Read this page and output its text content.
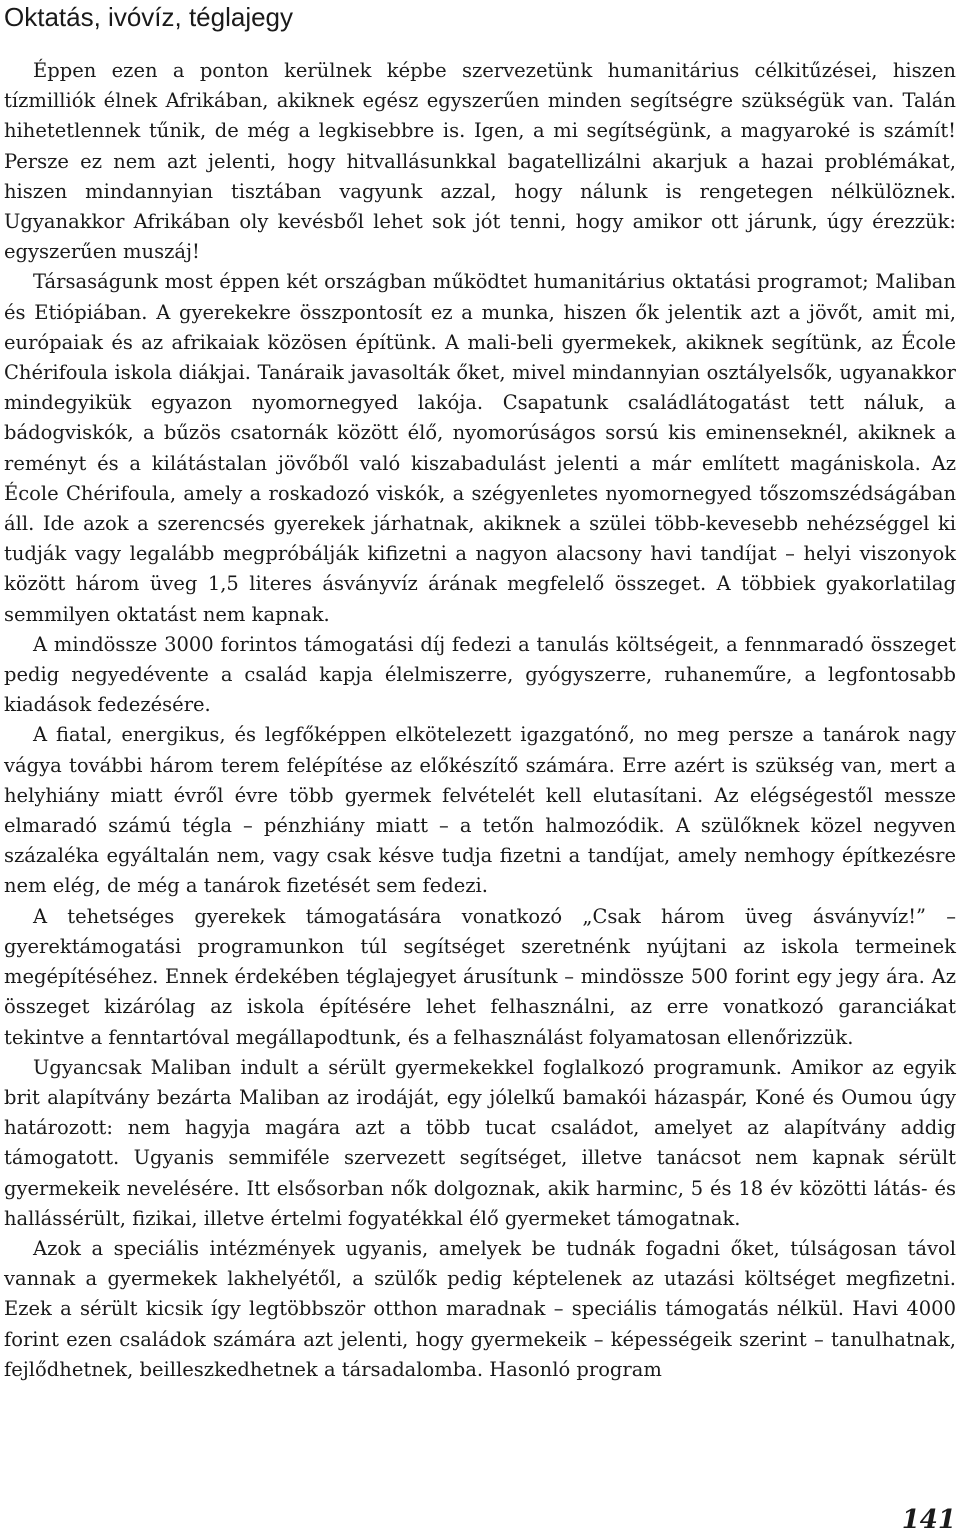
Oktatás, ivóvíz, téglajegy

Éppen ezen a ponton kerülnek képbe szervezetünk humanitárius célkitűzései, hiszen tízmilliók élnek Afrikában, akiknek egész egyszerűen minden segítségre szükségük van. Talán hihetetlennek tűnik, de még a legkisebbre is. Igen, a mi segítségünk, a magyaroké is számít! Persze ez nem azt jelenti, hogy hitvallásunkkal bagatellizálni akarjuk a hazai problémákat, hiszen mindannyian tisztában vagyunk azzal, hogy nálunk is rengetegen nélkülöznek. Ugyanakkor Afrikában oly kevésből lehet sok jót tenni, hogy amikor ott járunk, úgy érezzük: egyszerűen muszáj!

Társaságunk most éppen két országban működtet humanitárius oktatási programot; Maliban és Etiópiában. A gyerekekre összpontosít ez a munka, hiszen ők jelentik azt a jövőt, amit mi, európaiak és az afrikaiak közösen építünk. A mali-beli gyermekek, akiknek segítünk, az École Chérifoula iskola diákjai. Tanáraik javasolták őket, mivel mindannyian osztályelsők, ugyanakkor mindegyikük egyazon nyomornegyed lakója. Csapatunk családlátogatást tett náluk, a bádogviskók, a bűzös csatornák között élő, nyomorúságos sorsú kis eminenseknél, akiknek a reményt és a kilátástalan jövőből való kiszabadulást jelenti a már említett magániskola. Az École Chérifoula, amely a roskadozó viskók, a szégyenletes nyomornegyed tőszomszédságában áll. Ide azok a szerencsés gyerekek járhatnak, akiknek a szülei több-kevesebb nehézséggel ki tudják vagy legalább megpróbálják kifizetni a nagyon alacsony havi tandíjat – helyi viszonyok között három üveg 1,5 literes ásványvíz árának megfelelő összeget. A többiek gyakorlatilag semmilyen oktatást nem kapnak.

A mindössze 3000 forintos támogatási díj fedezi a tanulás költségeit, a fennmaradó összeget pedig negyedévente a család kapja élelmiszerre, gyógyszerre, ruhaneműre, a legfontosabb kiadások fedezésére.

A fiatal, energikus, és legfőképpen elkötelezett igazgatónő, no meg persze a tanárok nagy vágya további három terem felépítése az előkészítő számára. Erre azért is szükség van, mert a helyhiány miatt évről évre több gyermek felvételét kell elutasítani. Az elégségestől messze elmaradó számú tégla – pénzhiány miatt – a tetőn halmozódik. A szülőknek közel negyven százaléka egyáltalán nem, vagy csak késve tudja fizetni a tandíjat, amely nemhogy építkezésre nem elég, de még a tanárok fizetését sem fedezi.

A tehetséges gyerekek támogatására vonatkozó „Csak három üveg ásványvíz!” – gyerektámogatási programunkon túl segítséget szeretnénk nyújtani az iskola termeinek megépítéséhez. Ennek érdekében téglajegyet árusítunk – mindössze 500 forint egy jegy ára. Az összeget kizárólag az iskola építésére lehet felhasználni, az erre vonatkozó garanciákat tekintve a fenntartóval megállapodtunk, és a felhasználást folyamatosan ellenőrizzük.

Ugyancsak Maliban indult a sérült gyermekekkel foglalkozó programunk. Amikor az egyik brit alapítvány bezárta Maliban az irodáját, egy jólelkű bamakói házaspár, Koné és Oumou úgy határozott: nem hagyja magára azt a több tucat családot, amelyet az alapítvány addig támogatott. Ugyanis semmiféle szervezett segítséget, illetve tanácsot nem kapnak sérült gyermekeik nevelésére. Itt elsősorban nők dolgoznak, akik harminc, 5 és 18 év közötti látás- és hallássérült, fizikai, illetve értelmi fogyatékkal élő gyermeket támogatnak.

Azok a speciális intézmények ugyanis, amelyek be tudnák fogadni őket, túlságosan távol vannak a gyermekek lakhelyétől, a szülők pedig képtelenek az utazási költséget megfizetni. Ezek a sérült kicsik így legtöbbször otthon maradnak – speciális támogatás nélkül. Havi 4000 forint ezen családok számára azt jelenti, hogy gyermekeik – képességeik szerint – tanulhatnak, fejlődhetnek, beilleszkedhetnek a társadalomba. Hasonló program

141
